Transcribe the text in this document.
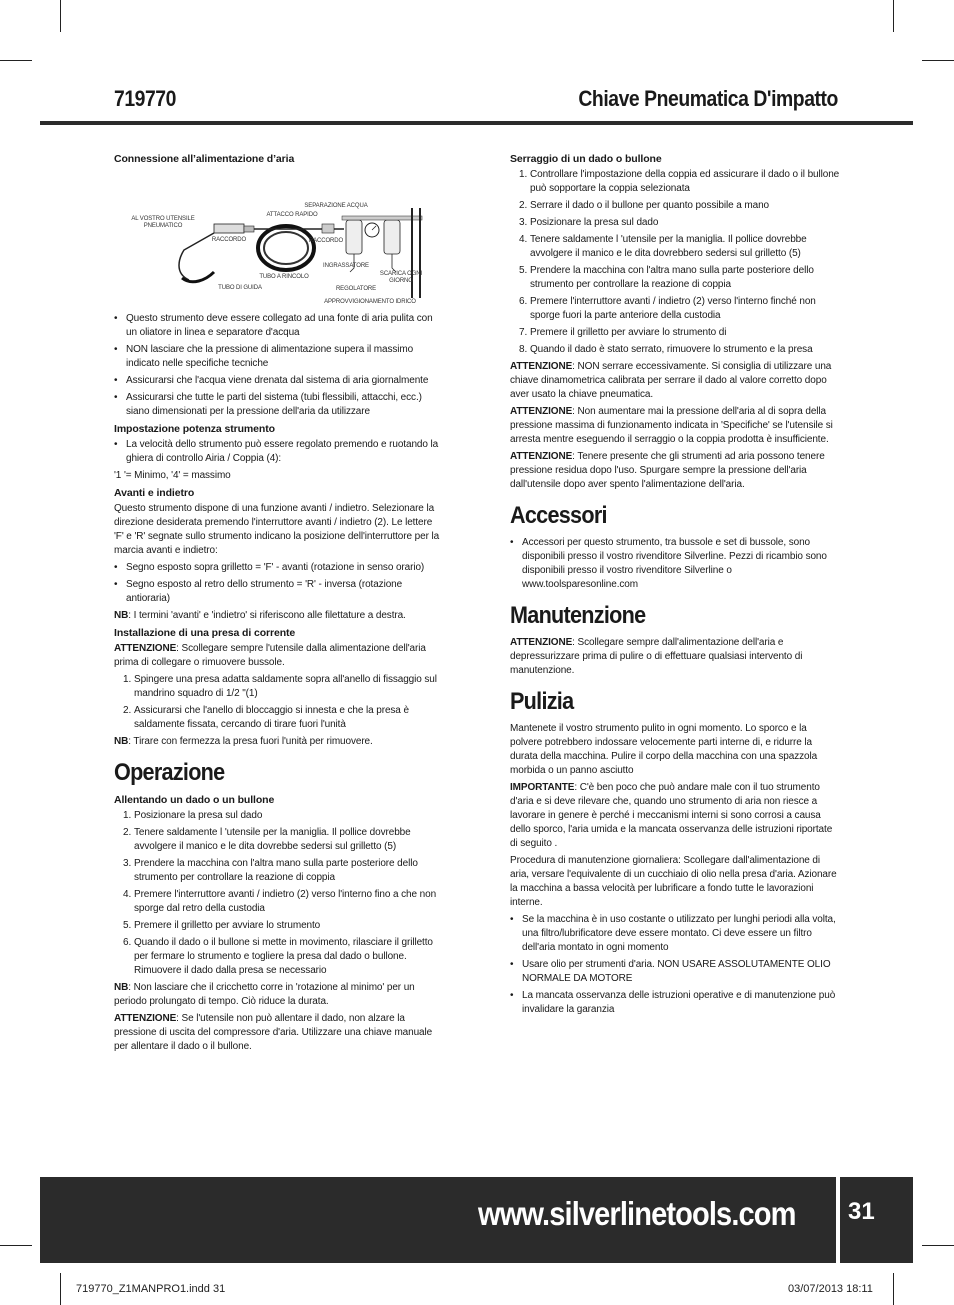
719770	Chiave Pneumatica D'impatto
Connessione all’alimentazione d’aria
AL VOSTRO UTENSILE PNEUMATICO
RACCORDO
TUBO DI GUIDA
ATTACCO RAPIDO
TUBO A RINCOLO
RACCORDO
SEPARAZIONE ACQUA
INGRASSATORE
REGOLATORE
SCARICA OGNI GIORNO
APPROVVIGIONAMENTO IDRICO
• Questo strumento deve essere collegato ad una fonte di aria pulita con un oliatore in linea e separatore d'acqua
• NON lasciare che la pressione di alimentazione supera il massimo indicato nelle specifiche tecniche
• Assicurarsi che l'acqua viene drenata dal sistema di aria giornalmente
• Assicurarsi che tutte le parti del sistema (tubi flessibili, attacchi, ecc.) siano dimensionati per la pressione dell'aria da utilizzare
Impostazione potenza strumento
• La velocità dello strumento può essere regolato premendo e ruotando la ghiera di controllo Airia / Coppia (4):

'1 '= Minimo, '4' = massimo

Avanti e indietro

Questo strumento dispone di una funzione avanti / indietro. Selezionare la direzione desiderata premendo l'interruttore avanti / indietro (2). Le lettere 'F' e 'R' segnate sullo strumento indicano la posizione dell'interruttore per la marcia avanti e indietro:

• Segno esposto sopra grilletto = 'F' - avanti (rotazione in senso orario)
• Segno esposto al retro dello strumento = 'R' - inversa (rotazione antioraria)

NB: I termini 'avanti' e 'indietro' si riferiscono alle filettature a destra.

Installazione di una presa di corrente

ATTENZIONE: Scollegare sempre l'utensile dalla alimentazione dell'aria prima di collegare o rimuovere bussole.

1. Spingere una presa adatta saldamente sopra all'anello di fissaggio sul mandrino squadro di 1/2 "(1)
2. Assicurarsi che l'anello di bloccaggio si innesta e che la presa è saldamente fissata, cercando di tirare fuori l'unità

NB: Tirare con fermezza la presa fuori l'unità per rimuovere.

Operazione
Allentando un dado o un bullone
1. Posizionare la presa sul dado
2. Tenere saldamente l 'utensile per la maniglia. Il pollice dovrebbe avvolgere il manico e le dita dovrebbe sedersi sul grilletto (5)
3. Prendere la macchina con l'altra mano sulla parte posteriore dello strumento per controllare la reazione di coppia
4. Premere l'interruttore avanti / indietro (2) verso l'interno fino a che non sporge dal retro della custodia
5. Premere il grilletto per avviare lo strumento
6. Quando il dado o il bullone si mette in movimento, rilasciare il grilletto per fermare lo strumento e togliere la presa dal dado o bullone. Rimuovere il dado dalla presa se necessario

NB: Non lasciare che il cricchetto corre in 'rotazione al minimo' per un periodo prolungato di tempo. Ciò riduce la durata.

ATTENZIONE: Se l'utensile non può allentare il dado, non alzare la pressione di uscita del compressore d'aria. Utilizzare una chiave manuale per allentare il dado o il bullone.

Serraggio di un dado o bullone
1. Controllare l'impostazione della coppia ed assicurare il dado o il bullone può sopportare la coppia selezionata
2. Serrare il dado o il bullone per quanto possibile a mano
3. Posizionare la presa sul dado
4. Tenere saldamente l 'utensile per la maniglia. Il pollice dovrebbe avvolgere il manico e le dita dovrebbero sedersi sul grilletto (5)
5. Prendere la macchina con l'altra mano sulla parte posteriore dello strumento per controllare la reazione di coppia
6. Premere l'interruttore avanti / indietro (2) verso l'interno finché non sporge fuori la parte anteriore della custodia
7. Premere il grilletto per avviare lo strumento di
8. Quando il dado è stato serrato, rimuovere lo strumento e la presa

ATTENZIONE: NON serrare eccessivamente. Si consiglia di utilizzare una chiave dinamometrica calibrata per serrare il dado al valore corretto dopo aver usato la chiave pneumatica.

ATTENZIONE: Non aumentare mai la pressione dell'aria al di sopra della pressione massima di funzionamento indicata in 'Specifiche' se l'utensile si arresta mentre eseguendo il serraggio o la coppia prodotta è insufficiente.

ATTENZIONE: Tenere presente che gli strumenti ad aria possono tenere pressione residua dopo l'uso. Spurgare sempre la pressione dell'aria dall'utensile dopo aver spento l'alimentazione dell'aria.

Accessori
• Accessori per questo strumento, tra bussole e set di bussole, sono disponibili presso il vostro rivenditore Silverline. Pezzi di ricambio sono disponibili presso il vostro rivenditore Silverline o www.toolsparesonline.com
Manutenzione

ATTENZIONE: Scollegare sempre dall'alimentazione dell'aria e depressurizzare prima di pulire o di effettuare qualsiasi intervento di manutenzione.

Pulizia

Mantenete il vostro strumento pulito in ogni momento. Lo sporco e la polvere potrebbero indossare velocemente parti interne di, e ridurre la durata della macchina. Pulire il corpo della macchina con una spazzola morbida o un panno asciutto

IMPORTANTE: C'è ben poco che può andare male con il tuo strumento d'aria e si deve rilevare che, quando uno strumento di aria non riesce a lavorare in genere è perché i meccanismi interni si sono corrosi a causa dello sporco, l'aria umida e la mancata osservanza delle istruzioni riportate di seguito .

Procedura di manutenzione giornaliera: Scollegare dall'alimentazione di aria, versare l'equivalente di un cucchiaio di olio nella presa d'aria. Azionare la macchina a bassa velocità per lubrificare a fondo tutte le lavorazioni interne.

• Se la macchina è in uso costante o utilizzato per lunghi periodi alla volta, una filtro/lubrificatore deve essere montato. Ci deve essere un filtro dell'aria montato in ogni momento
• Usare olio per strumenti d'aria. NON USARE ASSOLUTAMENTE OLIO NORMALE DA MOTORE
• La mancata osservanza delle istruzioni operative e di manutenzione può invalidare la garanzia
www.silverlinetools.com 31
719770_Z1MANPRO1.indd 31	03/07/2013 18:11
